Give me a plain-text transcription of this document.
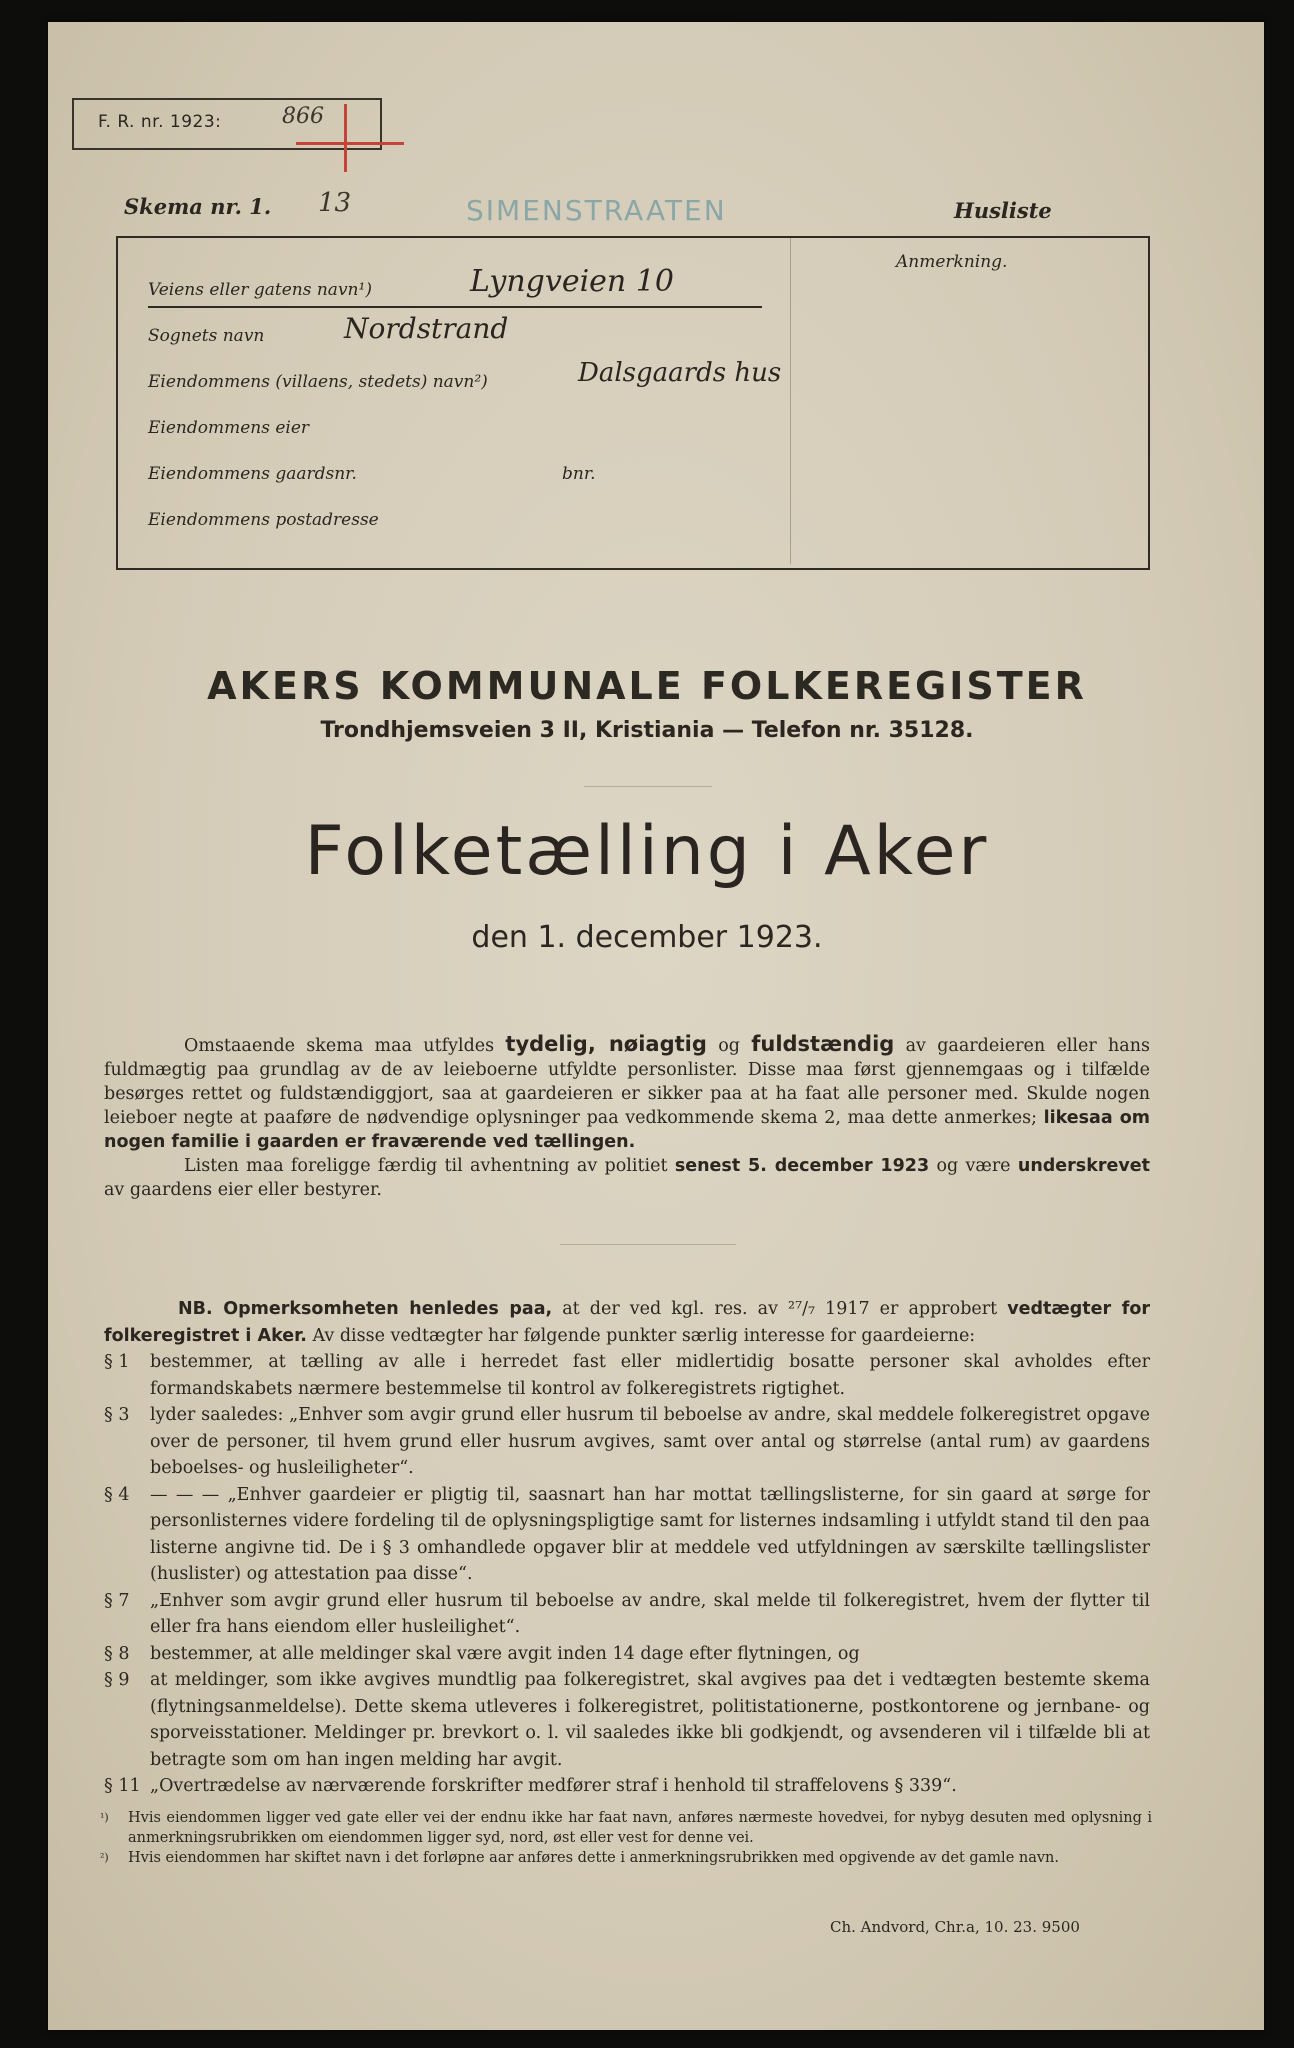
F. R. nr. 1923:	866
Skema nr. 1. 13	SIMENSTRAATEN	Husliste
Anmerkning.
Veiens eller gatens navn¹)	Lyngveien 10
Sognets navn	Nordstrand
Eiendommens (villaens, stedets) navn²)	Dalsgaards hus
Eiendommens eier
Eiendommens gaardsnr.	bnr.
Eiendommens postadresse
AKERS KOMMUNALE FOLKEREGISTER
Trondhjemsveien 3 II, Kristiania — Telefon nr. 35128.
Folketælling i Aker
den 1. december 1923.

Omstaaende skema maa utfyldes tydelig, nøiagtig og fuldstændig av gaardeieren eller hans fuldmægtig paa grundlag av de av leieboerne utfyldte personlister. Disse maa først gjennemgaas og i tilfælde besørges rettet og fuldstændiggjort, saa at gaardeieren er sikker paa at ha faat alle personer med. Skulde nogen leieboer negte at paaføre de nødvendige oplysninger paa vedkommende skema 2, maa dette anmerkes; likesaa om nogen familie i gaarden er fraværende ved tællingen.

Listen maa foreligge færdig til avhentning av politiet senest 5. december 1923 og være underskrevet av gaardens eier eller bestyrer.

NB. Opmerksomheten henledes paa, at der ved kgl. res. av ²⁷/₇ 1917 er approbert vedtægter for folkeregistret i Aker. Av disse vedtægter har følgende punkter særlig interesse for gaardeierne:

§ 1 bestemmer, at tælling av alle i herredet fast eller midlertidig bosatte personer skal avholdes efter formandskabets nærmere bestemmelse til kontrol av folkeregistrets rigtighet.
§ 3 lyder saaledes: „Enhver som avgir grund eller husrum til beboelse av andre, skal meddele folkeregistret opgave over de personer, til hvem grund eller husrum avgives, samt over antal og størrelse (antal rum) av gaardens beboelses- og husleiligheter“.
§ 4 — — — „Enhver gaardeier er pligtig til, saasnart han har mottat tællingslisterne, for sin gaard at sørge for personlisternes videre fordeling til de oplysningspligtige samt for listernes indsamling i utfyldt stand til den paa listerne angivne tid. De i § 3 omhandlede opgaver blir at meddele ved utfyldningen av særskilte tællingslister (huslister) og attestation paa disse“.
§ 7 „Enhver som avgir grund eller husrum til beboelse av andre, skal melde til folkeregistret, hvem der flytter til eller fra hans eiendom eller husleilighet“.
§ 8 bestemmer, at alle meldinger skal være avgit inden 14 dage efter flytningen, og
§ 9 at meldinger, som ikke avgives mundtlig paa folkeregistret, skal avgives paa det i vedtægten bestemte skema (flytningsanmeldelse). Dette skema utleveres i folkeregistret, politistationerne, postkontorene og jernbane- og sporveisstationer. Meldinger pr. brevkort o. l. vil saaledes ikke bli godkjendt, og avsenderen vil i tilfælde bli at betragte som om han ingen melding har avgit.
§ 11 „Overtrædelse av nærværende forskrifter medfører straf i henhold til straffelovens § 339“.
¹) Hvis eiendommen ligger ved gate eller vei der endnu ikke har faat navn, anføres nærmeste hovedvei, for nybyg desuten med oplysning i anmerkningsrubrikken om eiendommen ligger syd, nord, øst eller vest for denne vei.
²) Hvis eiendommen har skiftet navn i det forløpne aar anføres dette i anmerkningsrubrikken med opgivende av det gamle navn.
Ch. Andvord, Chr.a, 10. 23. 9500
